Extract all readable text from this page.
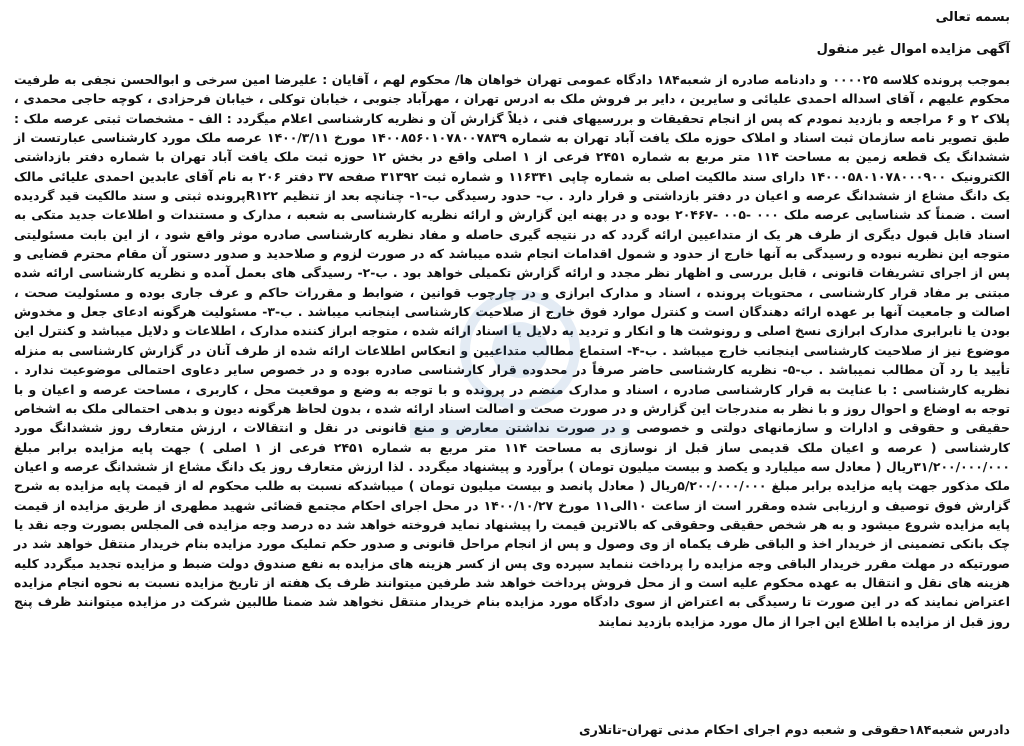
بسمه تعالی
آگهی مزایده اموال غیر منقول

بموجب پرونده کلاسه ۰۰۰۰۲۵ و دادنامه صادره از شعبه۱۸۴ دادگاه عمومی تهران خواهان ها/ محکوم لهم ، آقایان : علیرضا امین سرخی و ابوالحسن نجفی به طرفیت محکوم علیهم ، آقای اسداله احمدی علیائی و سایرین ، دایر بر فروش ملک به ادرس تهران ، مهرآباد جنوبی ، خیابان توکلی ، خیابان فرحزادی ، کوچه حاجی محمدی ، پلاک ۲ و ۶ مراجعه و بازدید نمودم که پس از انجام تحقیقات و بررسیهای فنی ، ذیلاً گزارش آن و نظریه کارشناسی اعلام میگردد : الف - مشخصات ثبتی عرصه ملک : طبق تصویر نامه سازمان ثبت اسناد و املاک حوزه ملک یافت آباد تهران به شماره ۱۴۰۰۸۵۶۰۱۰۷۸۰۰۷۸۳۹ مورخ ۱۴۰۰/۳/۱۱ عرصه ملک مورد کارشناسی عبارتست از ششدانگ یک قطعه زمین به مساحت ۱۱۴ متر مربع به شماره ۲۴۵۱ فرعی از ۱ اصلی واقع در بخش ۱۲ حوزه ثبت ملک یافت آباد تهران با شماره دفتر بازداشتی الکترونیک ۱۴۰۰۰۵۸۰۱۰۷۸۰۰۰۹۰۰ دارای سند مالکیت اصلی به شماره چاپی ۱۱۶۳۴۱ و شماره ثبت ۳۱۳۹۲ صفحه ۳۷ دفتر ۲۰۶ به نام آقای عابدین احمدی علیائی مالک یک دانگ مشاع از ششدانگ عرصه و اعیان در دفتر بازداشتی و قرار دارد . ب- حدود رسیدگی ب-۱- چنانچه بعد از تنظیم R۱۲۲پرونده ثبتی و سند مالکیت قید گردیده است . ضمناً کد شناسایی عرصه ملک ۰۰۰ -۰۰۵ -۲۰۴۶۷ بوده و در پهنه این گزارش و ارائه نظریه کارشناسی به شعبه ، مدارک و مستندات و اطلاعات جدید متکی به اسناد قابل قبول دیگری از طرف هر یک از متداعیین ارائه گردد که در نتیجه گیری حاصله و مفاد نظریه کارشناسی صادره موثر واقع شود ، از این بابت مسئولیتی متوجه این نظریه نبوده و رسیدگی به آنها خارج از حدود و شمول اقدامات انجام شده میباشد که در صورت لزوم و صلاحدید و صدور دستور آن مقام محترم قضایی و پس از اجرای تشریفات قانونی ، قابل بررسی و اظهار نظر مجدد و ارائه گزارش تکمیلی خواهد بود . ب-۲- رسیدگی های بعمل آمده و نظریه کارشناسی ارائه شده مبتنی بر مفاد قرار کارشناسی ، محتویات پرونده ، اسناد و مدارک ابرازی و در چارچوب قوانین ، ضوابط و مقررات حاکم و عرف جاری بوده و مسئولیت صحت ، اصالت و جامعیت آنها بر عهده ارائه دهندگان است و کنترل موارد فوق خارج از صلاحیت کارشناسی اینجانب میباشد . ب-۳- مسئولیت هرگونه ادعای جعل و مخدوش بودن یا نابرابری مدارک ابرازی نسخ اصلی و رونوشت ها و انکار و تردید به دلایل یا اسناد ارائه شده ، متوجه ابراز کننده مدارک ، اطلاعات و دلایل میباشد و کنترل این موضوع نیز از صلاحیت کارشناسی اینجانب خارج میباشد . ب-۴- استماع مطالب متداعیین و انعکاس اطلاعات ارائه شده از طرف آنان در گزارش کارشناسی به منزله تأیید یا رد آن مطالب نمیباشد . ب-۵- نظریه کارشناسی حاضر صرفاً در محدوده قرار کارشناسی صادره بوده و در خصوص سایر دعاوی احتمالی موضوعیت ندارد . نظریه کارشناسی : با عنایت به قرار کارشناسی صادره ، اسناد و مدارک منضم در پرونده و با توجه به وضع و موقعیت محل ، کاربری ، مساحت عرصه و اعیان و با توجه به اوضاع و احوال روز و با نظر به مندرجات این گزارش و در صورت صحت و اصالت اسناد ارائه شده ، بدون لحاظ هرگونه دیون و بدهی احتمالی ملک به اشخاص حقیقی و حقوقی و ادارات و سازمانهای دولتی و خصوصی و در صورت نداشتن معارض و منع قانونی در نقل و انتقالات ، ارزش متعارف روز ششدانگ مورد کارشناسی ( عرصه و اعیان ملک قدیمی ساز قبل از نوسازی به مساحت ۱۱۴ متر مربع به شماره ۲۴۵۱ فرعی از ۱ اصلی ) جهت پایه مزایده برابر مبلغ ۳۱/۲۰۰/۰۰۰/۰۰۰ریال ( معادل سه میلیارد و یکصد و بیست میلیون تومان ) برآورد و پیشنهاد میگردد . لذا ارزش متعارف روز یک دانگ مشاع از ششدانگ عرصه و اعیان ملک مذکور جهت پایه مزایده برابر مبلغ ۵/۲۰۰/۰۰۰/۰۰۰ریال ( معادل پانصد و بیست میلیون تومان ) میباشدکه نسبت به طلب محکوم له از قیمت پایه مزایده به شرح گزارش فوق توصیف و ارزیابی شده ومقرر است از ساعت ۱۰الی۱۱ مورخ ۱۴۰۰/۱۰/۲۷ در محل اجرای احکام مجتمع قضائی شهید مطهری از طریق مزایده از قیمت پایه مزایده شروع میشود و به هر شخص حقیقی وحقوقی که بالاترین قیمت را پیشنهاد نماید فروخته خواهد شد ده درصد وجه مزایده فی المجلس بصورت وجه نقد یا چک بانکی تضمینی از خریدار اخذ و الباقی ظرف یکماه از وی وصول و پس از انجام مراحل قانونی و صدور حکم تملیک مورد مزایده بنام خریدار منتقل خواهد شد در صورتیکه در مهلت مقرر خریدار الباقی وجه مزایده را پرداخت ننماید سپرده وی پس از کسر هزینه های مزایده به نفع صندوق دولت ضبط و مزایده تجدید میگردد کلیه هزینه های نقل و انتقال به عهده محکوم علیه است و از محل فروش پرداخت خواهد شد طرفین میتوانند ظرف یک هفته از تاریخ مزایده نسبت به نحوه انجام مزایده اعتراض نمایند که در این صورت تا رسیدگی به اعتراض از سوی دادگاه مورد مزایده بنام خریدار منتقل نخواهد شد ضمنا طالبین شرکت در مزایده میتوانند ظرف پنج روز قبل از مزایده با اطلاع این اجرا از مال مورد مزایده بازدید نمایند

دادرس شعبه۱۸۴حقوقی و شعبه دوم اجرای احکام مدنی تهران-تاتلاری
